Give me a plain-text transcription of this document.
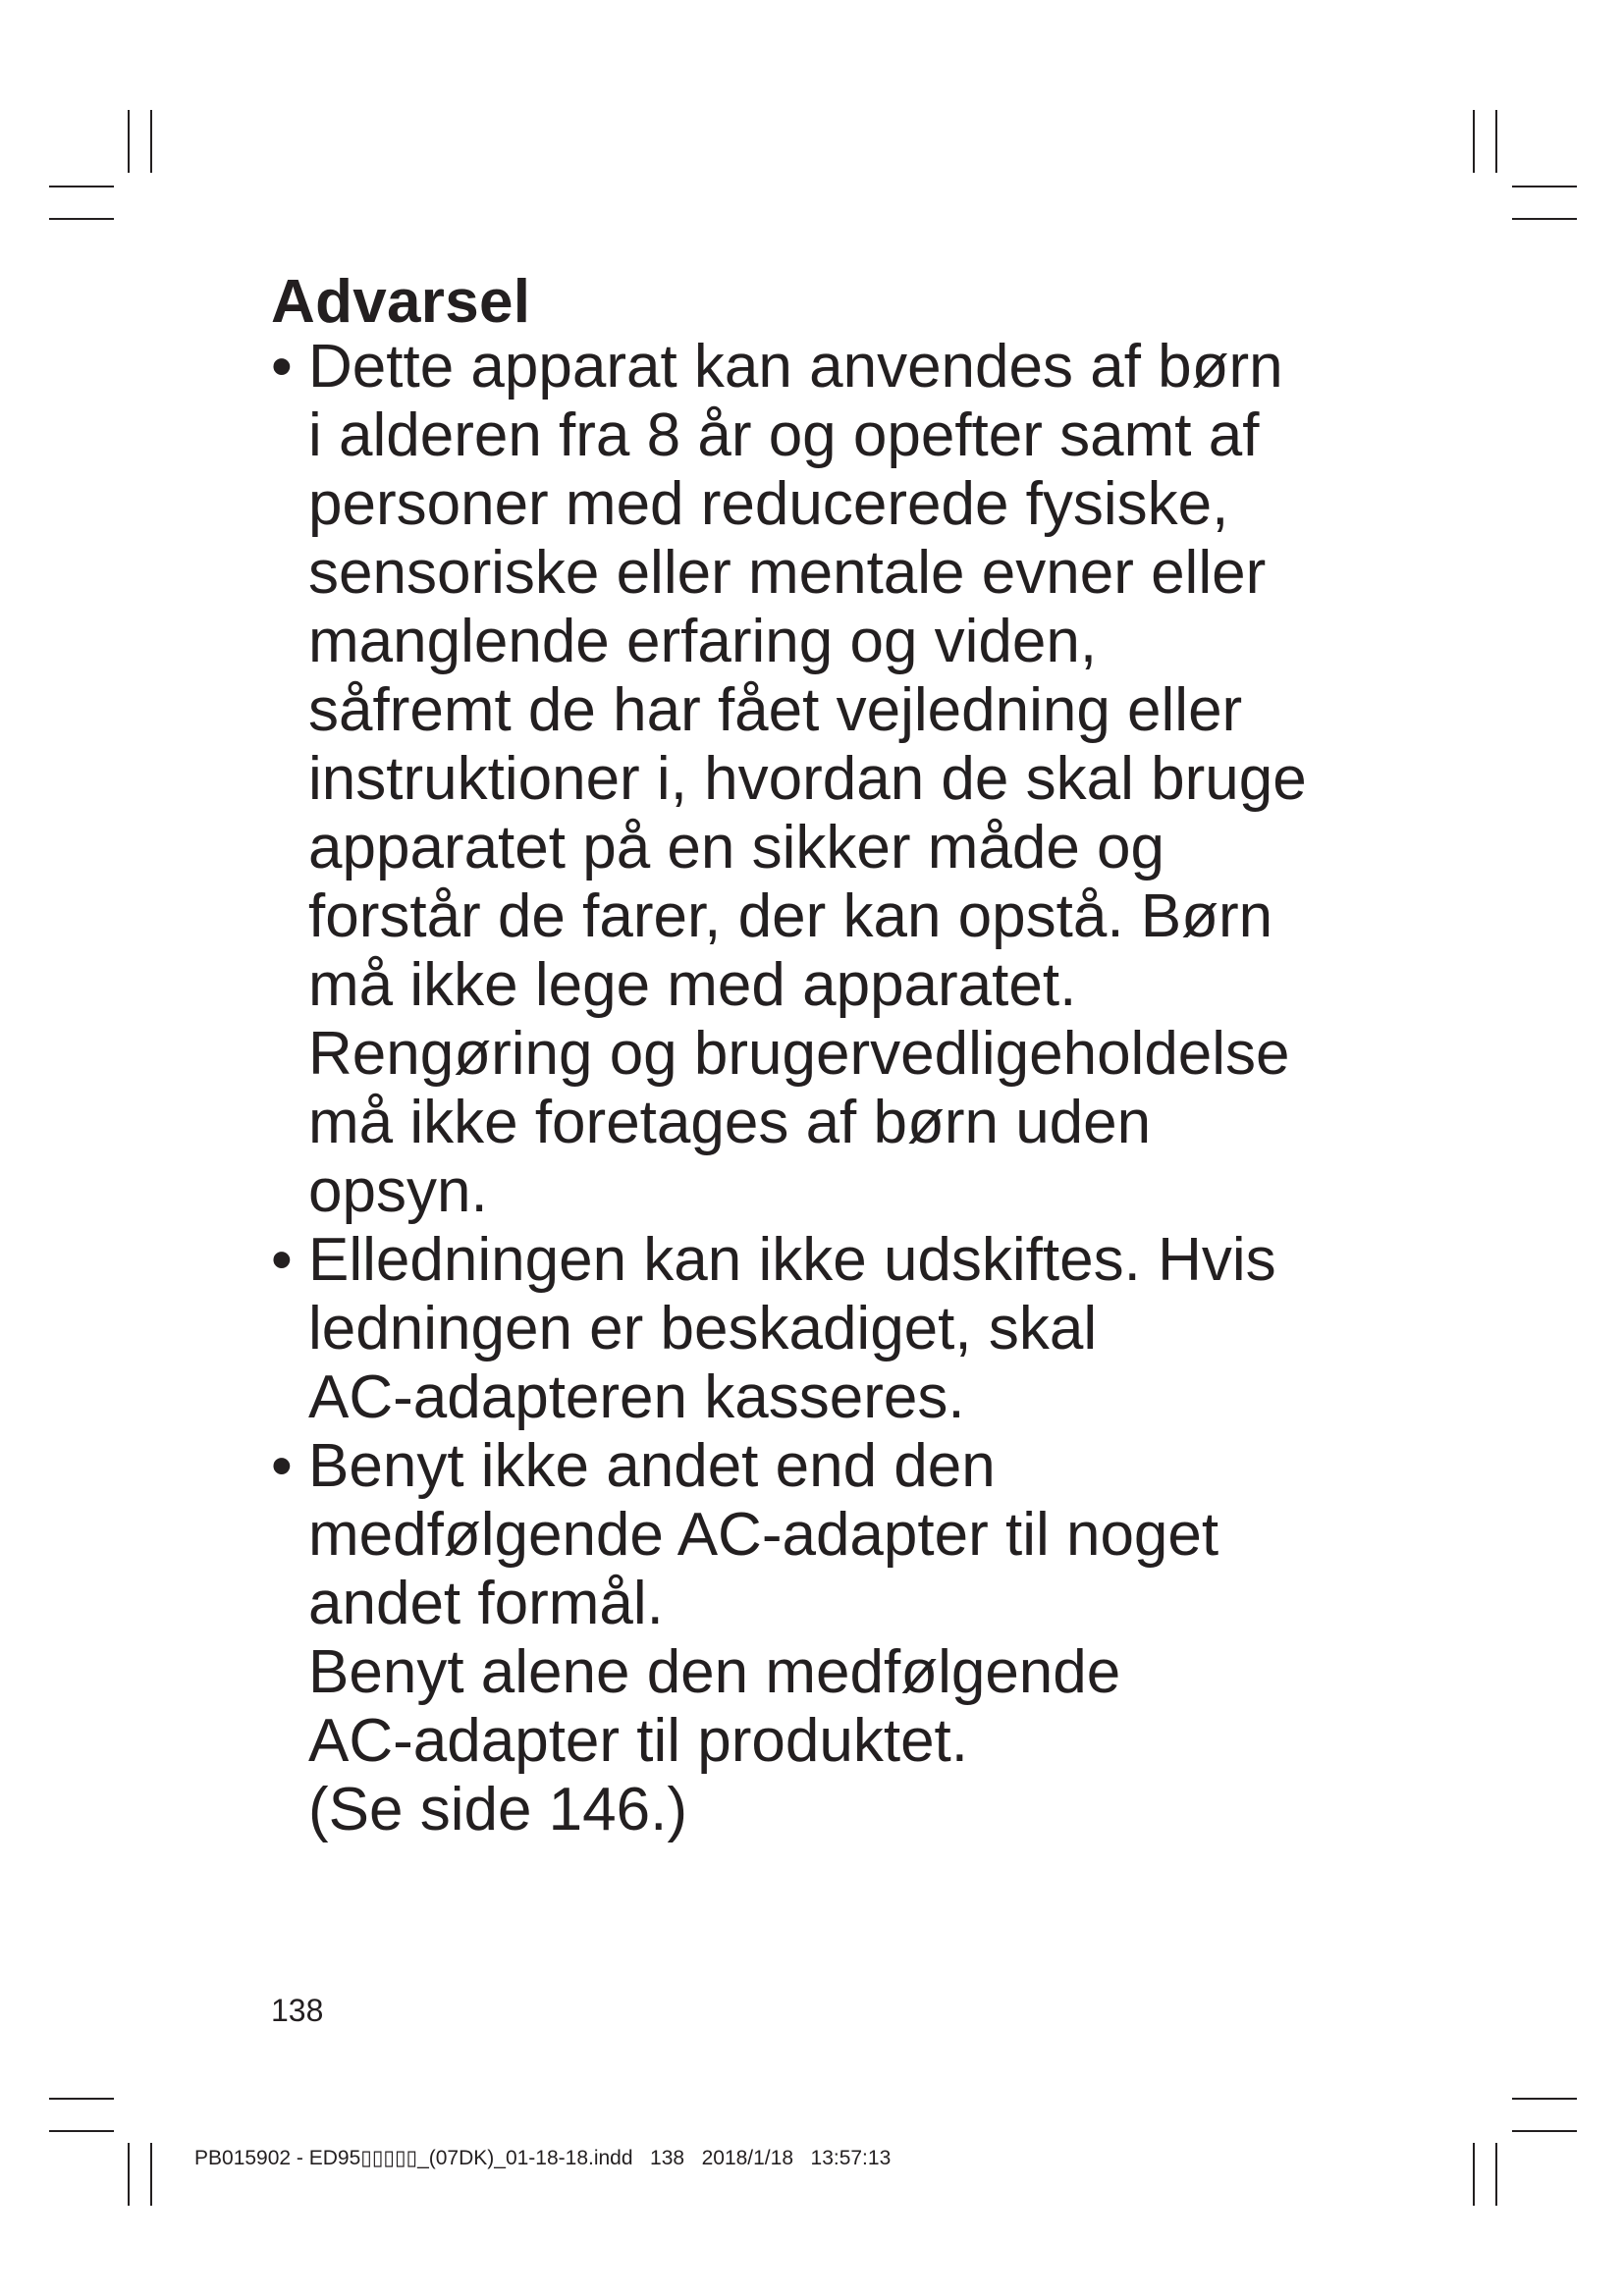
Advarsel
• Dette apparat kan anvendes af børn
i alderen fra 8 år og opefter samt af
personer med reducerede fysiske,
sensoriske eller mentale evner eller
manglende erfaring og viden,
såfremt de har fået vejledning eller
instruktioner i, hvordan de skal bruge
apparatet på en sikker måde og
forstår de farer, der kan opstå. Børn
må ikke lege med apparatet.
Rengøring og brugervedligeholdelse
må ikke foretages af børn uden
opsyn.
• Elledningen kan ikke udskiftes. Hvis
ledningen er beskadiget, skal
AC-adapteren kasseres.
• Benyt ikke andet end den
medfølgende AC-adapter til noget
andet formål.
Benyt alene den medfølgende
AC-adapter til produktet.
(Se side 146.)
138
PB015902 - ED95▯▯▯▯▯_(07DK)_01-18-18.indd   138   2018/1/18   13:57:13
